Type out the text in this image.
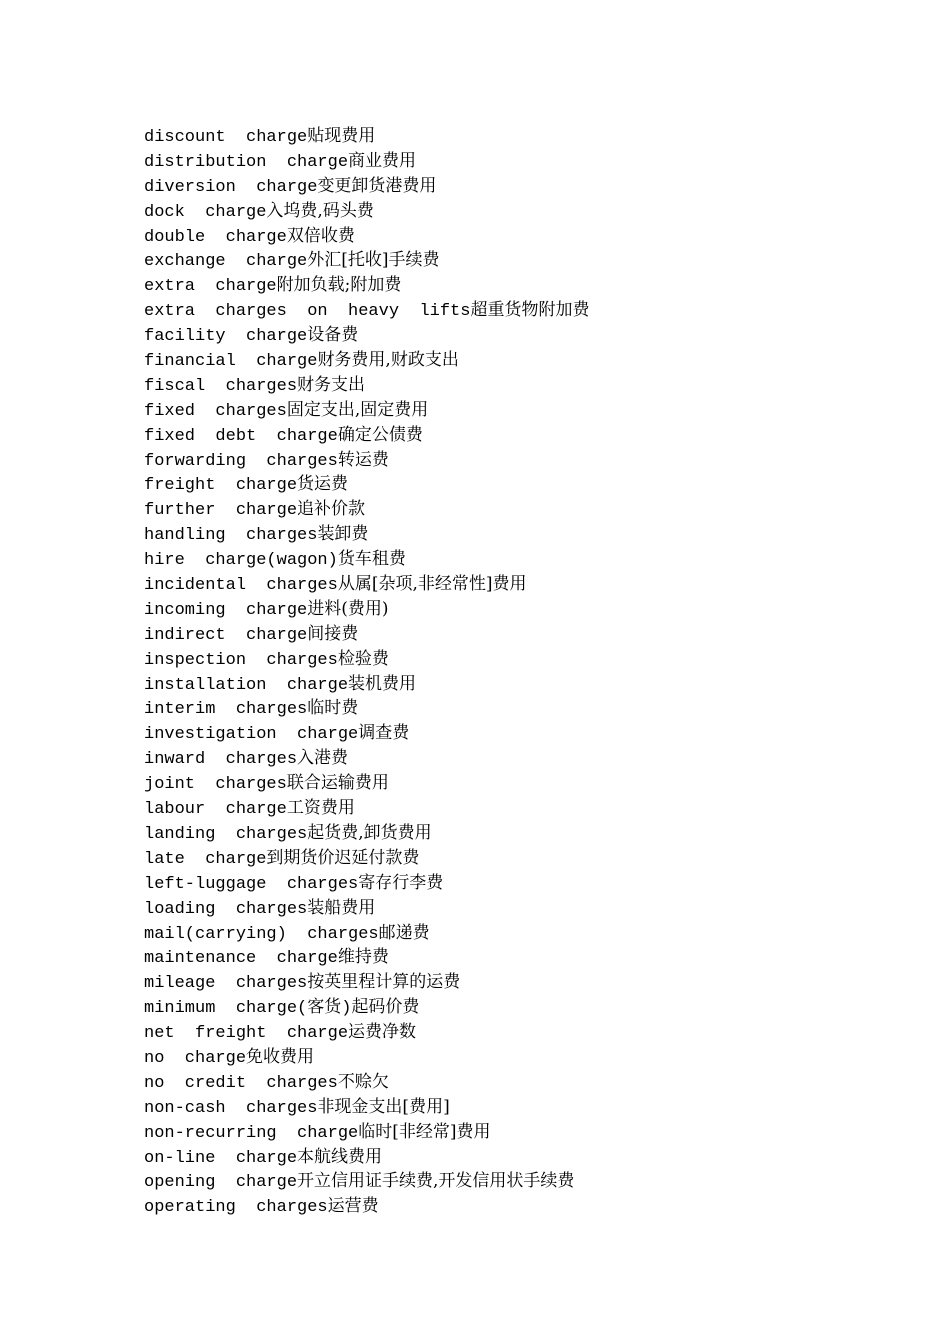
discount  charge贴现费用
distribution  charge商业费用
diversion  charge变更卸货港费用
dock  charge入坞费,码头费
double  charge双倍收费
exchange  charge外汇[托收]手续费
extra  charge附加负载;附加费
extra  charges  on  heavy  lifts超重货物附加费
facility  charge设备费
financial  charge财务费用,财政支出
fiscal  charges财务支出
fixed  charges固定支出,固定费用
fixed  debt  charge确定公债费
forwarding  charges转运费
freight  charge货运费
further  charge追补价款
handling  charges装卸费
hire  charge(wagon)货车租费
incidental  charges从属[杂项,非经常性]费用
incoming  charge进料(费用)
indirect  charge间接费
inspection  charges检验费
installation  charge装机费用
interim  charges临时费
investigation  charge调查费
inward  charges入港费
joint  charges联合运输费用
labour  charge工资费用
landing  charges起货费,卸货费用
late  charge到期货价迟延付款费
left-luggage  charges寄存行李费
loading  charges装船费用
mail(carrying)  charges邮递费
maintenance  charge维持费
mileage  charges按英里程计算的运费
minimum  charge(客货)起码价费
net  freight  charge运费净数
no  charge免收费用
no  credit  charges不赊欠
non-cash  charges非现金支出[费用]
non-recurring  charge临时[非经常]费用
on-line  charge本航线费用
opening  charge开立信用证手续费,开发信用状手续费
operating  charges运营费
